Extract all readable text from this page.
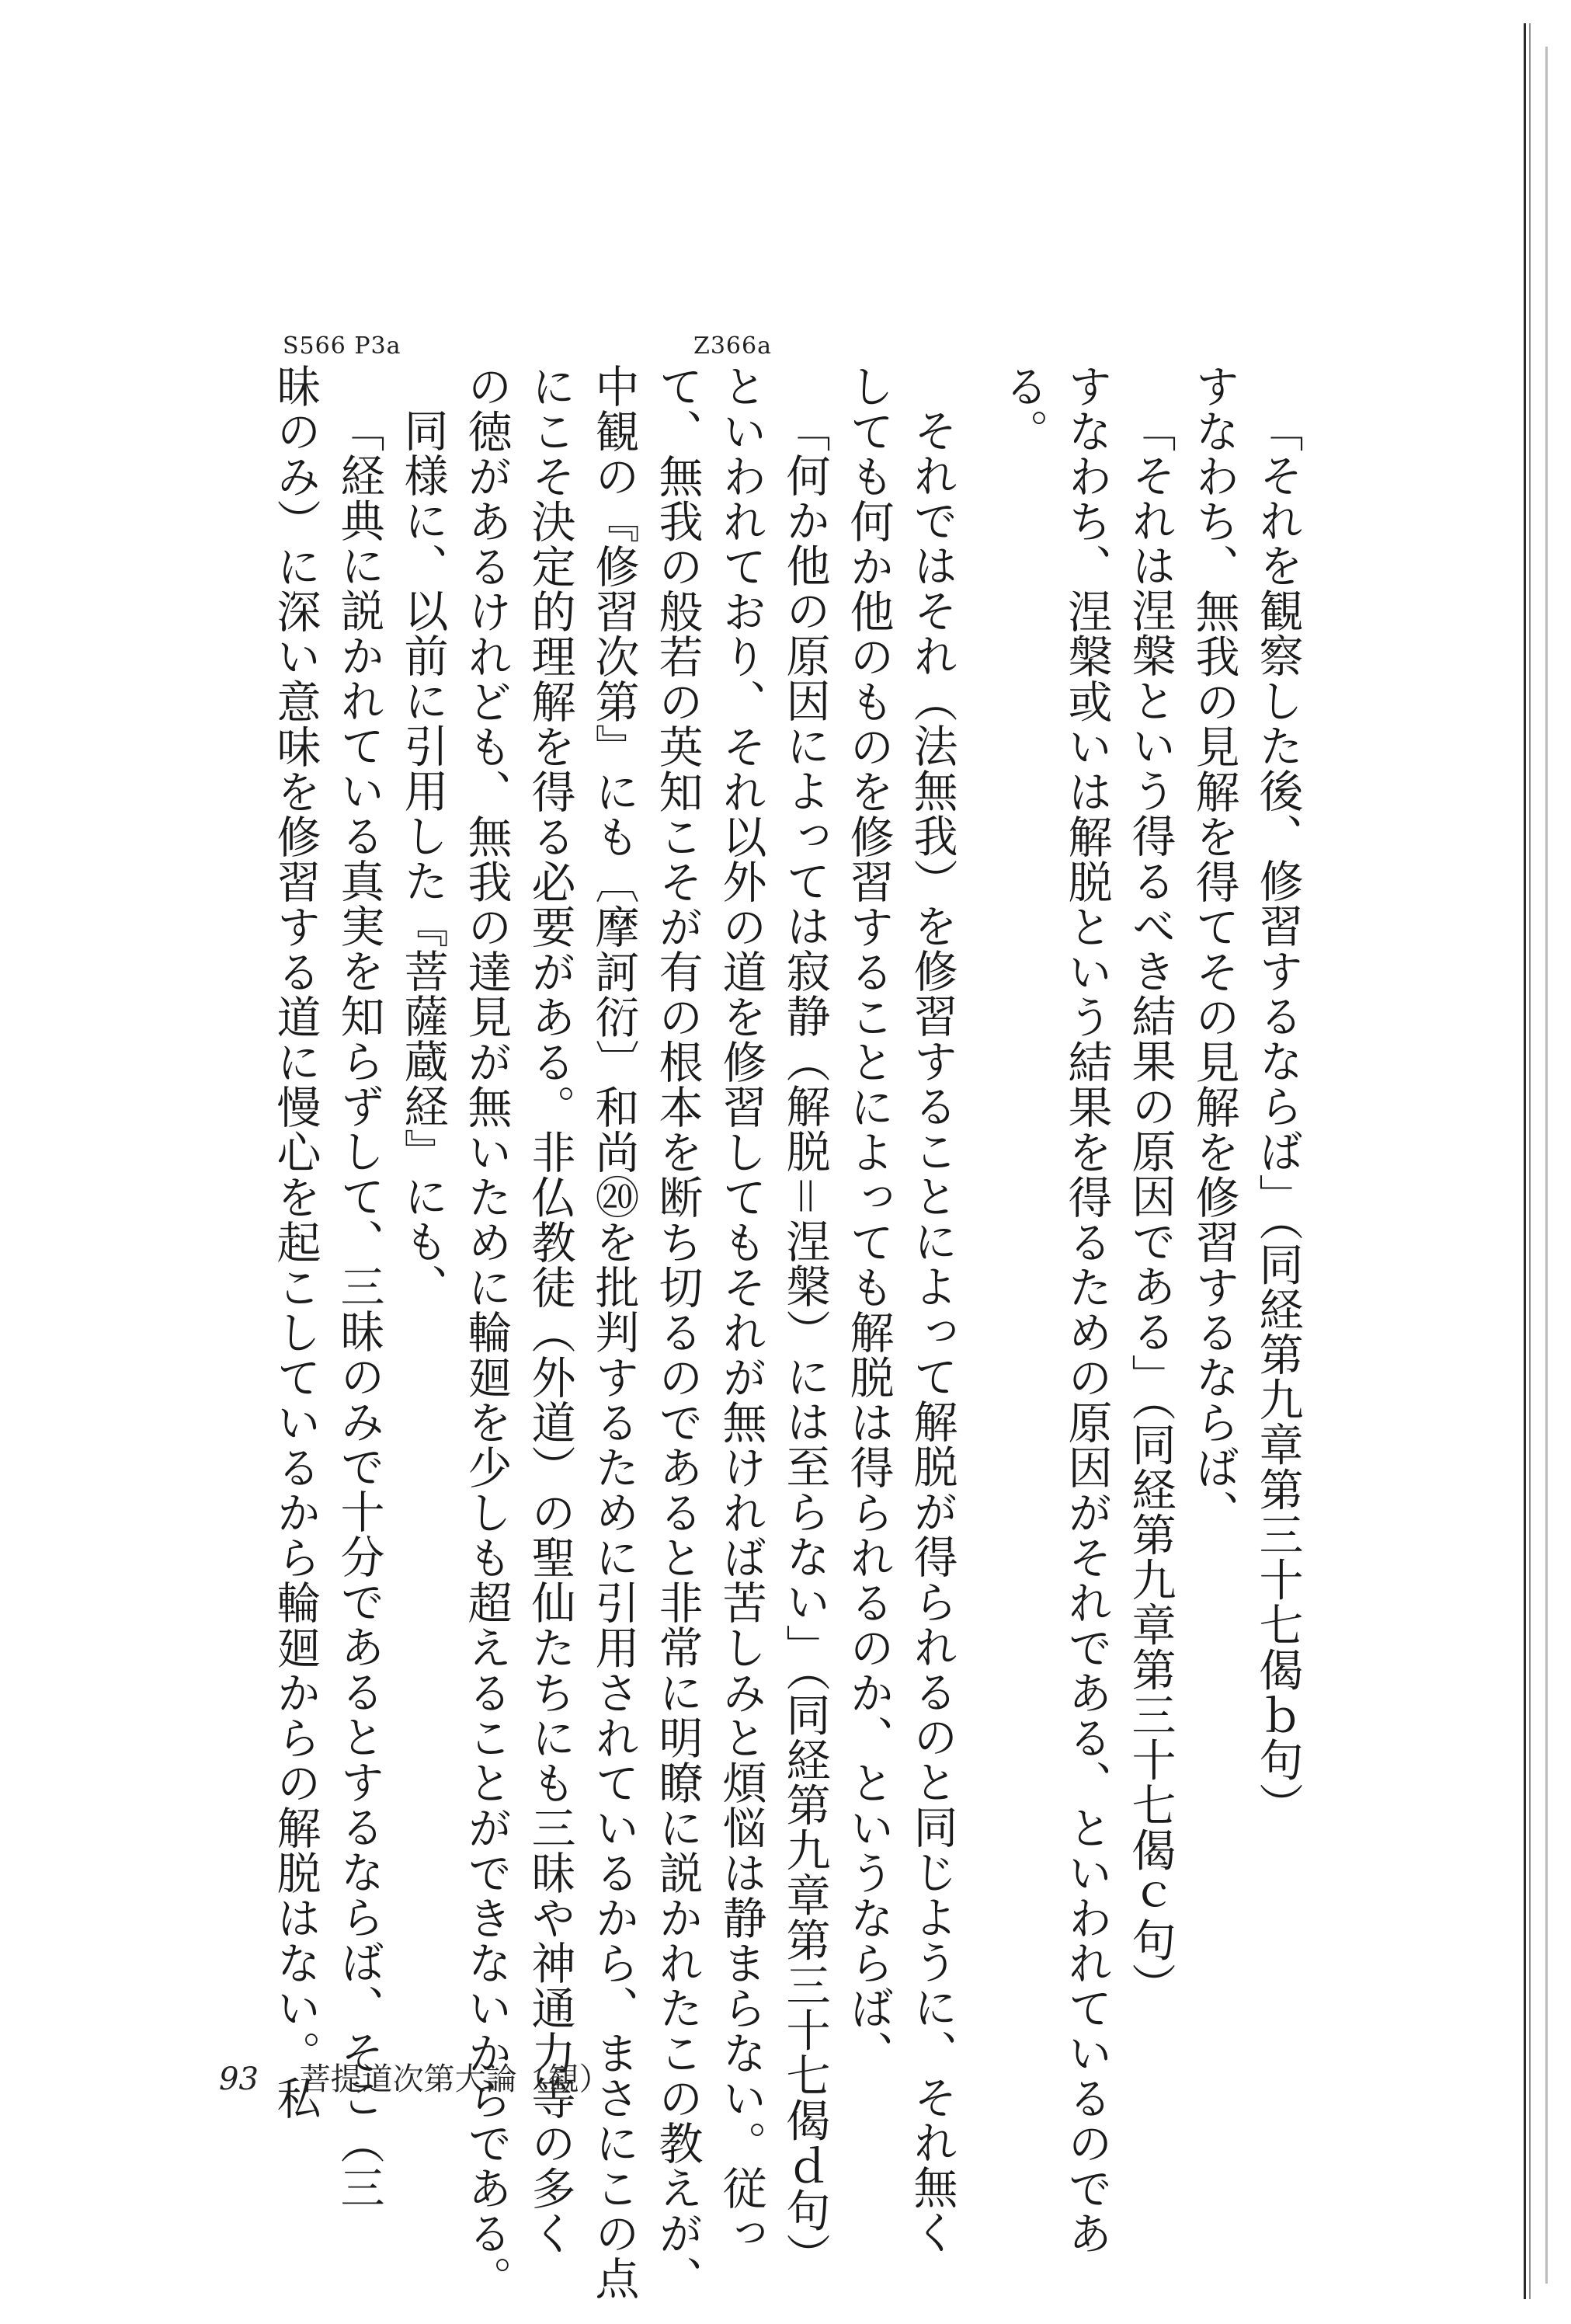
S566 P3a	Z366a
「それを観察した後、修習するならば」（同経第九章第三十七偈ｂ句）
すなわち、無我の見解を得てその見解を修習するならば、
「それは涅槃という得るべき結果の原因である」（同経第九章第三十七偈ｃ句）
すなわち、涅槃或いは解脱という結果を得るための原因がそれである、といわれているのであ
る。
それではそれ（法無我）を修習することによって解脱が得られるのと同じように、それ無く
しても何か他のものを修習することによっても解脱は得られるのか、というならば、
「何か他の原因によっては寂静（解脱＝涅槃）には至らない」（同経第九章第三十七偈ｄ句）
といわれており、それ以外の道を修習してもそれが無ければ苦しみと煩悩は静まらない。従っ
て、無我の般若の英知こそが有の根本を断ち切るのであると非常に明瞭に説かれたこの教えが、
中観の『修習次第』にも〔摩訶衍〕和尚⑳を批判するために引用されているから、まさにこの点
にこそ決定的理解を得る必要がある。非仏教徒（外道）の聖仙たちにも三昧や神通力等の多く
の徳があるけれども、無我の達見が無いために輪廻を少しも超えることができないからである。
同様に、以前に引用した『菩薩蔵経』にも、
「経典に説かれている真実を知らずして、三昧のみで十分であるとするならば、そこ（三
昧のみ）に深い意味を修習する道に慢心を起こしているから輪廻からの解脱はない。私
93 菩提道次第大論（観）
